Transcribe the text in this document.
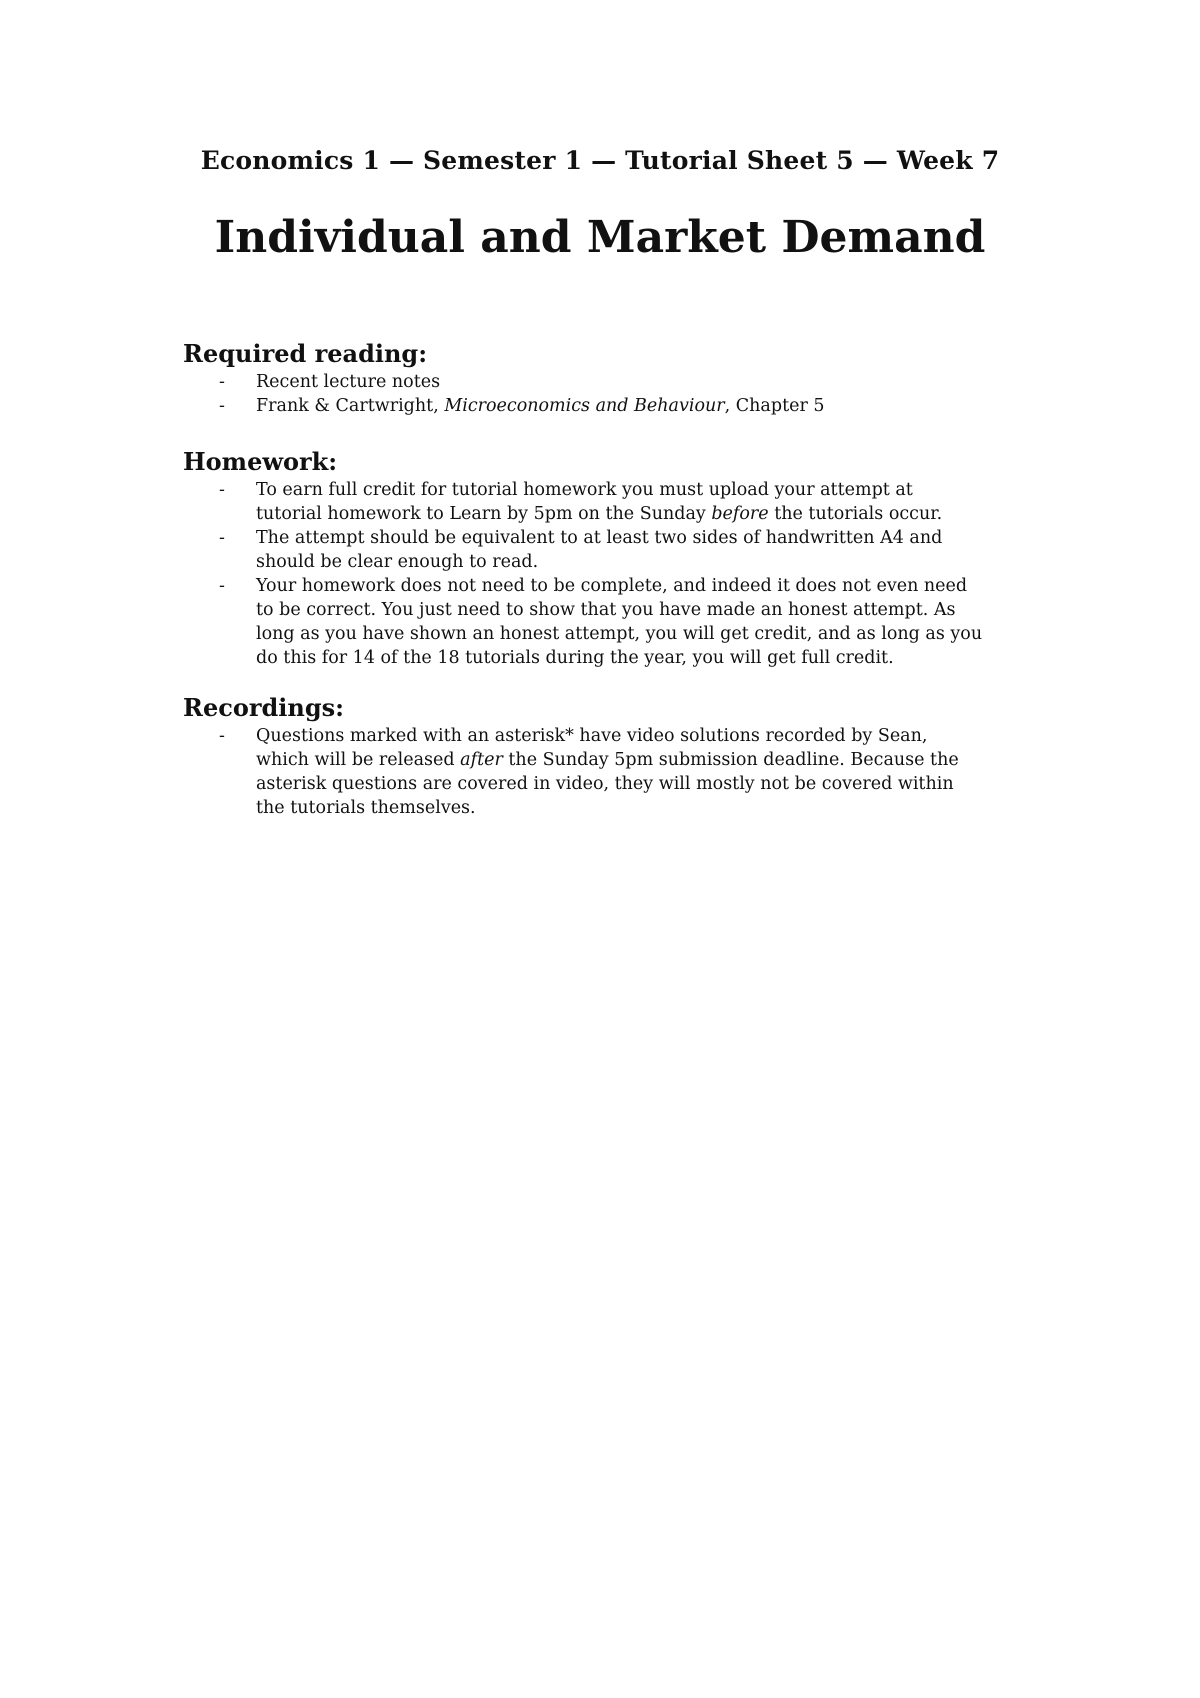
Economics 1 — Semester 1 — Tutorial Sheet 5 — Week 7
Individual and Market Demand
Required reading:
- Recent lecture notes
- Frank & Cartwright, Microeconomics and Behaviour, Chapter 5
Homework:
- To earn full credit for tutorial homework you must upload your attempt at tutorial homework to Learn by 5pm on the Sunday before the tutorials occur.
- The attempt should be equivalent to at least two sides of handwritten A4 and should be clear enough to read.
- Your homework does not need to be complete, and indeed it does not even need to be correct. You just need to show that you have made an honest attempt. As long as you have shown an honest attempt, you will get credit, and as long as you do this for 14 of the 18 tutorials during the year, you will get full credit.
Recordings:
- Questions marked with an asterisk* have video solutions recorded by Sean, which will be released after the Sunday 5pm submission deadline. Because the asterisk questions are covered in video, they will mostly not be covered within the tutorials themselves.
